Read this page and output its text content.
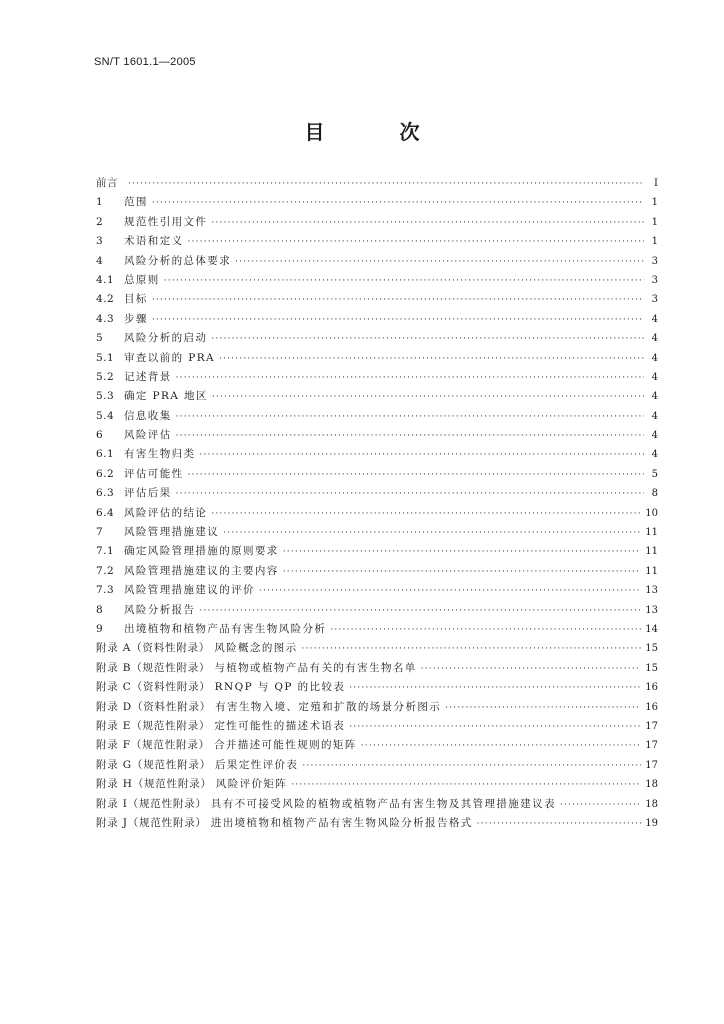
SN/T 1601.1—2005
目 次
前言 ·····	I
1	范围 ·····	1
2	规范性引用文件 ·····	1
3	术语和定义 ·····	1
4	风险分析的总体要求 ·····	3
4.1 总原则 ·····	3
4.2 目标 ·····	3
4.3 步骤 ·····	4
5	风险分析的启动 ·····	4
5.1 审查以前的 PRA ·····	4
5.2 记述背景 ·····	4
5.3 确定 PRA 地区 ·····	4
5.4 信息收集 ·····	4
6	风险评估 ·····	4
6.1 有害生物归类 ·····	4
6.2 评估可能性 ·····	5
6.3 评估后果 ·····	8
6.4 风险评估的结论 ·····	10
7	风险管理措施建议 ·····	11
7.1 确定风险管理措施的原则要求 ·····	11
7.2 风险管理措施建议的主要内容 ·····	11
7.3 风险管理措施建议的评价 ·····	13
8	风险分析报告 ·····	13
9	出境植物和植物产品有害生物风险分析 ·····	14
附录 A（资料性附录） 风险概念的图示 ·····	15
附录 B（规范性附录） 与植物或植物产品有关的有害生物名单 ·····	15
附录 C（资料性附录） RNQP 与 QP 的比较表 ·····	16
附录 D（资料性附录） 有害生物入境、定殖和扩散的场景分析图示 ·····	16
附录 E（规范性附录） 定性可能性的描述术语表 ·····	17
附录 F（规范性附录） 合并描述可能性规则的矩阵 ·····	17
附录 G（规范性附录） 后果定性评价表 ·····	17
附录 H（规范性附录） 风险评价矩阵 ·····	18
附录 I（规范性附录） 具有不可接受风险的植物或植物产品有害生物及其管理措施建议表 ·····	18
附录 J（规范性附录） 进出境植物和植物产品有害生物风险分析报告格式 ·····	19
